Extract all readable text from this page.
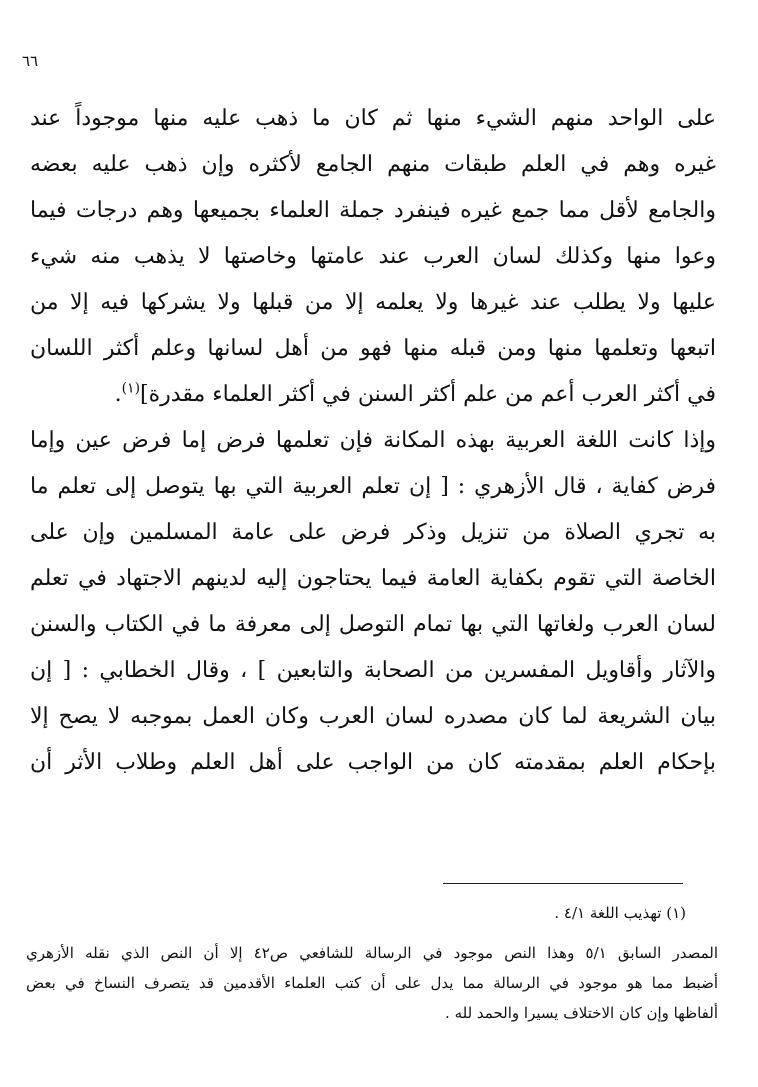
٦٦
على الواحد منهم الشيء منها ثم كان ما ذهب عليه منها موجوداً عند
غيره وهم في العلم طبقات منهم الجامع لأكثره وإن ذهب عليه بعضه
والجامع لأقل مما جمع غيره فينفرد جملة العلماء بجميعها وهم درجات فيما
وعوا منها وكذلك لسان العرب عند عامتها وخاصتها لا يذهب منه شيء
عليها ولا يطلب عند غيرها ولا يعلمه إلا من قبلها ولا يشركها فيه إلا من
اتبعها وتعلمها منها ومن قبله منها فهو من أهل لسانها وعلم أكثر اللسان
في أكثر العرب أعم من علم أكثر السنن في أكثر العلماء مقدرة]$^{(١)}$.
وإذا كانت اللغة العربية بهذه المكانة فإن تعلمها فرض إما فرض عين وإما
فرض كفاية ، قال الأزهري : [ إن تعلم العربية التي بها يتوصل إلى تعلم ما
به تجري الصلاة من تنزيل وذكر فرض على عامة المسلمين وإن على
الخاصة التي تقوم بكفاية العامة فيما يحتاجون إليه لدينهم الاجتهاد في تعلم
لسان العرب ولغاتها التي بها تمام التوصل إلى معرفة ما في الكتاب والسنن
والآثار وأقاويل المفسرين من الصحابة والتابعين ] ، وقال الخطابي : [ إن
بيان الشريعة لما كان مصدره لسان العرب وكان العمل بموجبه لا يصح إلا
بإحكام العلم بمقدمته كان من الواجب على أهل العلم وطلاب الأثر أن
(١) تهذيب اللغة ٤/١ .
المصدر السابق ٥/١ وهذا النص موجود في الرسالة للشافعي ص٤٢ إلا أن النص الذي نقله الأزهري
أضبط مما هو موجود في الرسالة مما يدل على أن كتب العلماء الأقدمين قد يتصرف النساخ في بعض
ألفاظها وإن كان الاختلاف يسيرا والحمد لله .
